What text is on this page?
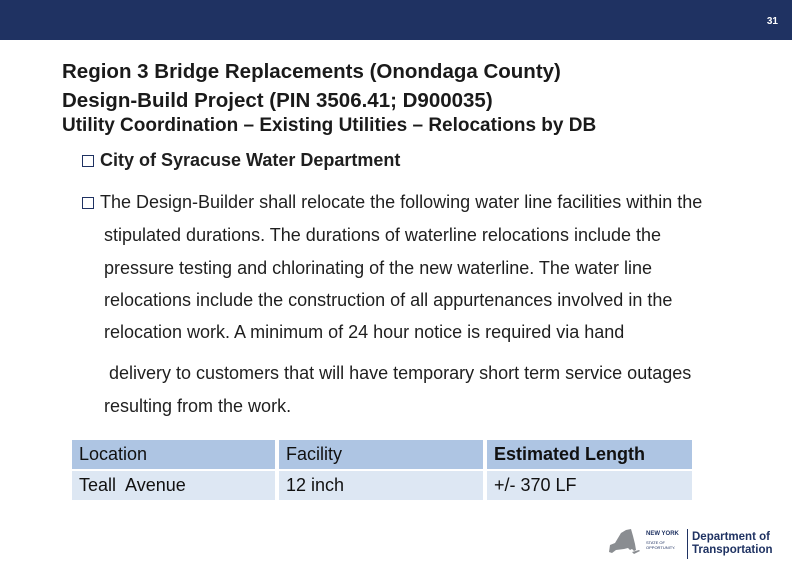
31
Region 3 Bridge Replacements (Onondaga County)
Design-Build Project (PIN 3506.41; D900035)
Utility Coordination – Existing Utilities – Relocations by DB
City of Syracuse Water Department
The Design-Builder shall relocate the following water line facilities within the
stipulated durations. The durations of waterline relocations include the
pressure testing and chlorinating of the new waterline. The water line
relocations include the construction of all appurtenances involved in the
relocation work. A minimum of 24 hour notice is required via hand
delivery to customers that will have temporary short term service outages
resulting from the work.
Location	Facility	Estimated Length
Teall  Avenue	12 inch	+/- 370 LF
NEW YORK
STATE OF
OPPORTUNITY.
Department of
Transportation
